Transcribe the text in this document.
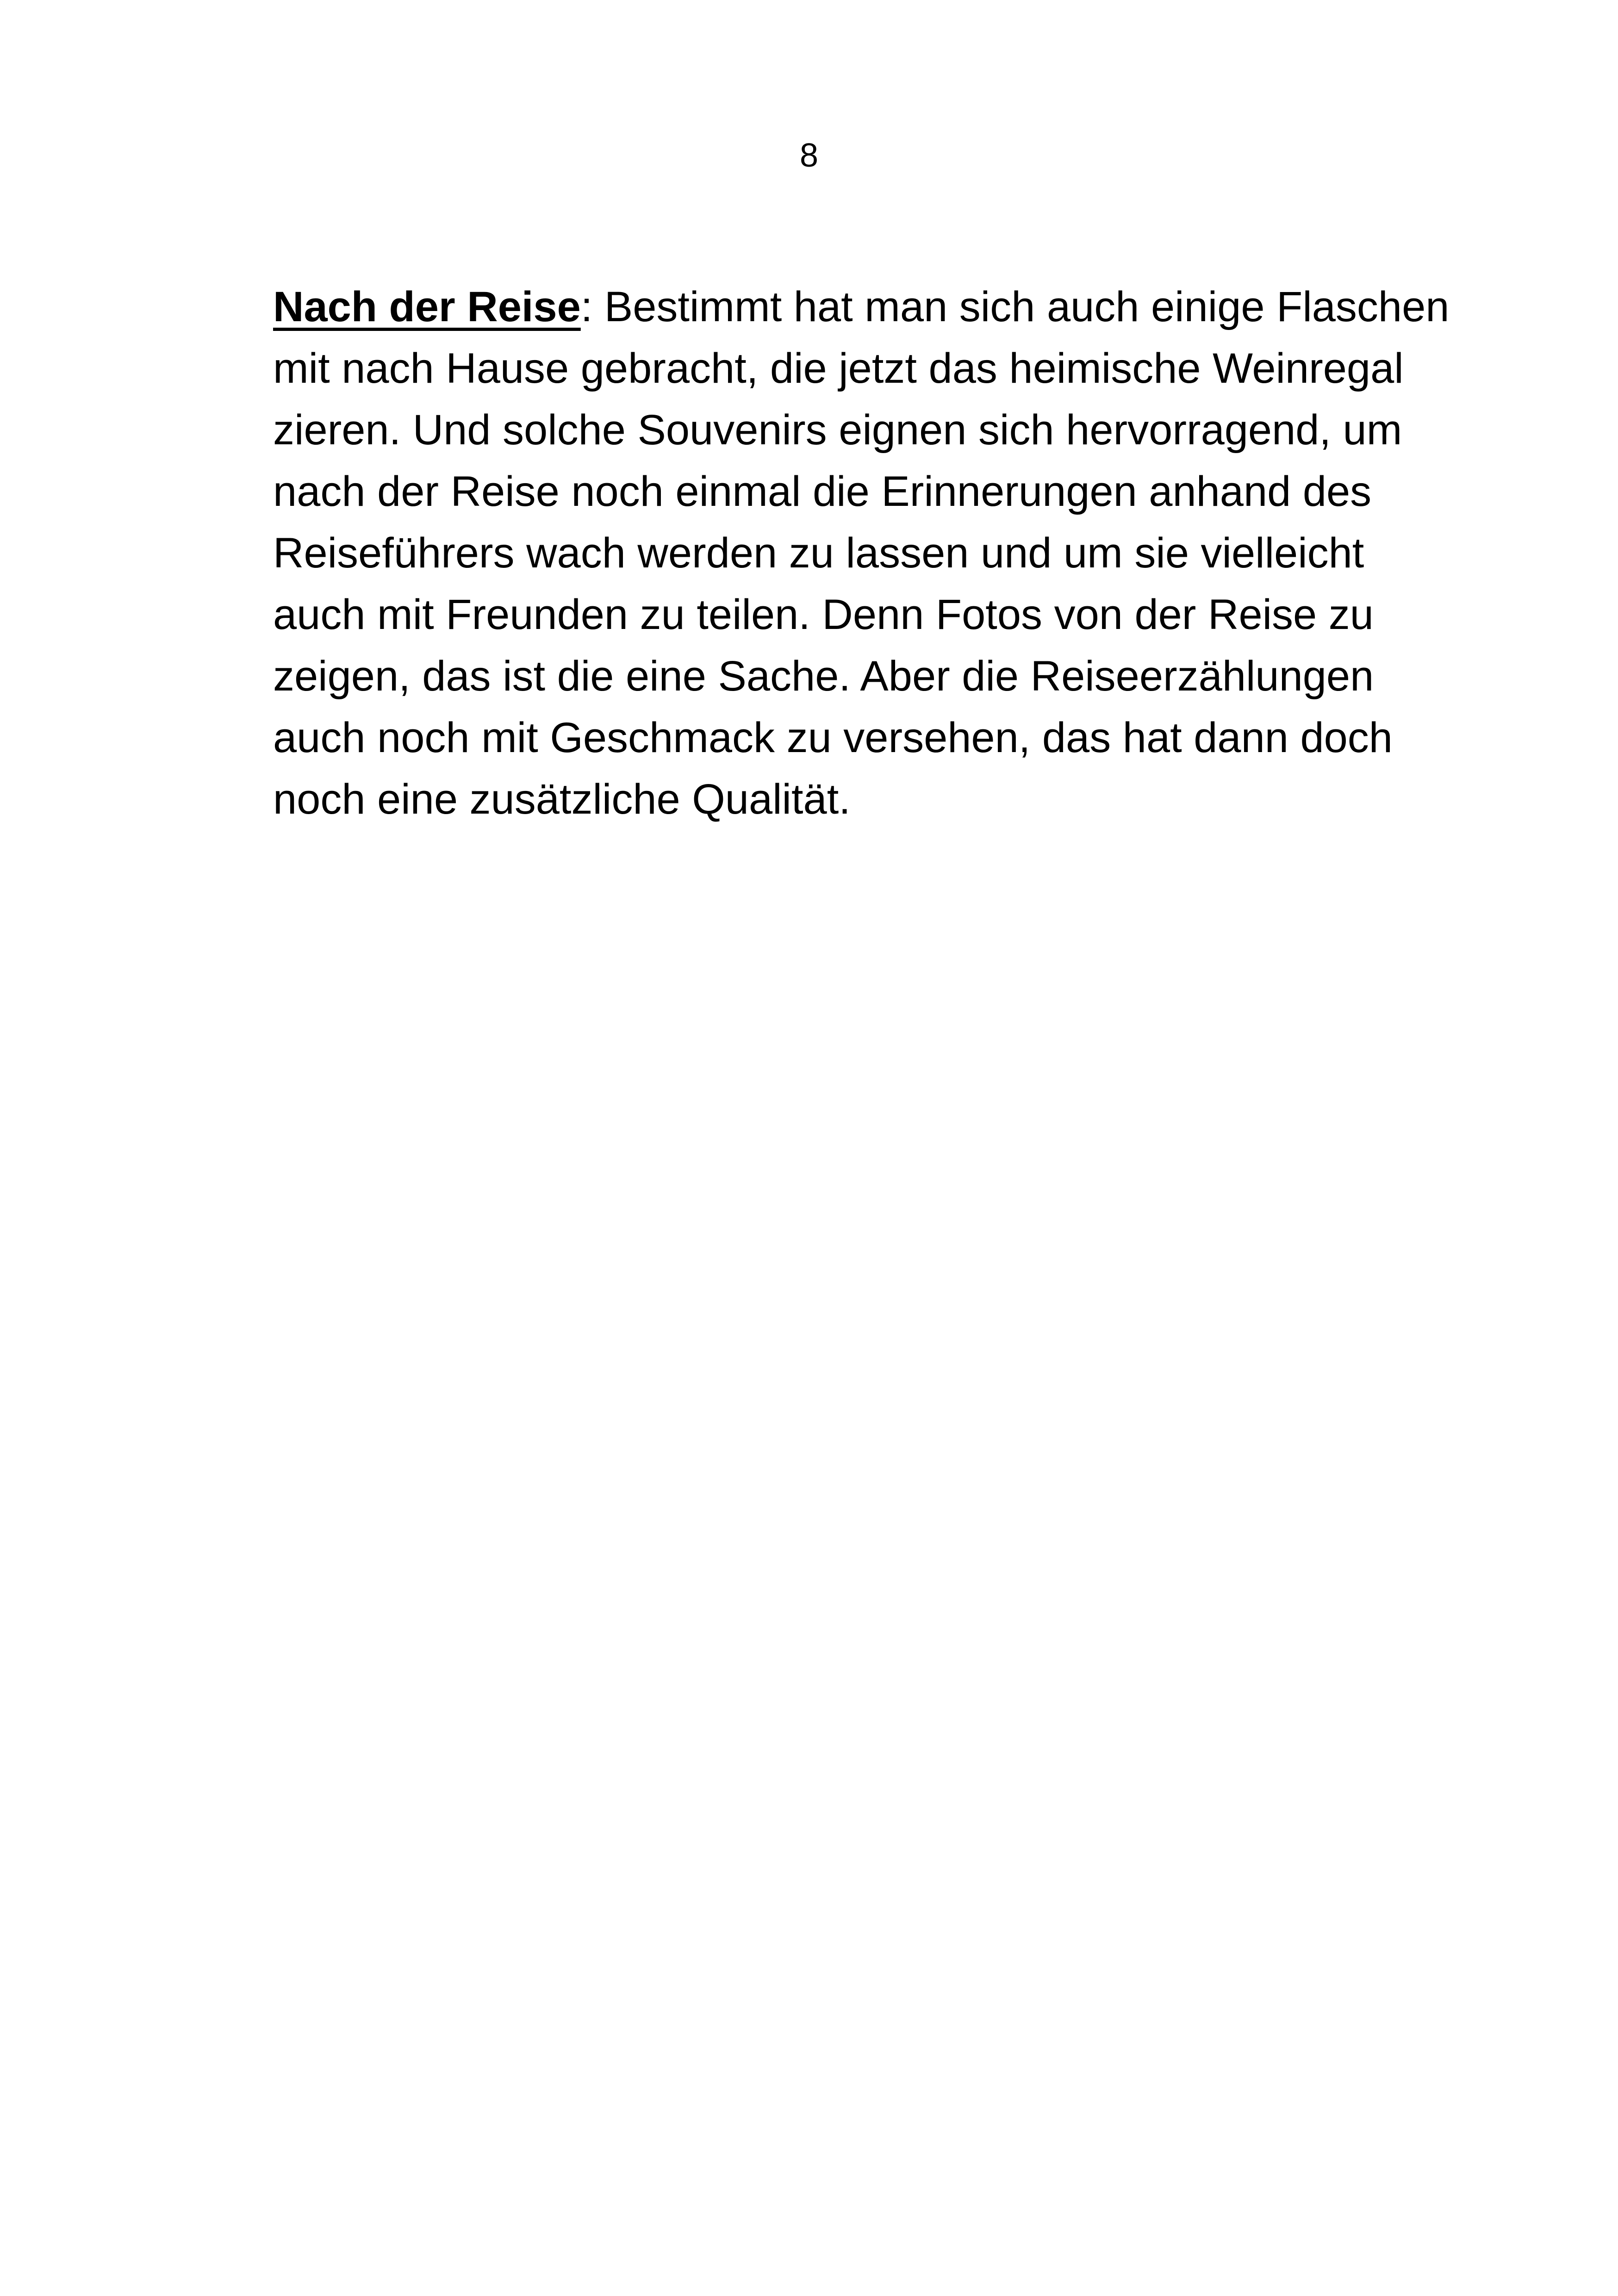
8
Nach der Reise: Bestimmt hat man sich auch einige Flaschen
mit nach Hause gebracht, die jetzt das heimische Weinregal
zieren. Und solche Souvenirs eignen sich hervorragend, um
nach der Reise noch einmal die Erinnerungen anhand des
Reiseführers wach werden zu lassen und um sie vielleicht
auch mit Freunden zu teilen. Denn Fotos von der Reise zu
zeigen, das ist die eine Sache. Aber die Reiseerzählungen
auch noch mit Geschmack zu versehen, das hat dann doch
noch eine zusätzliche Qualität.
